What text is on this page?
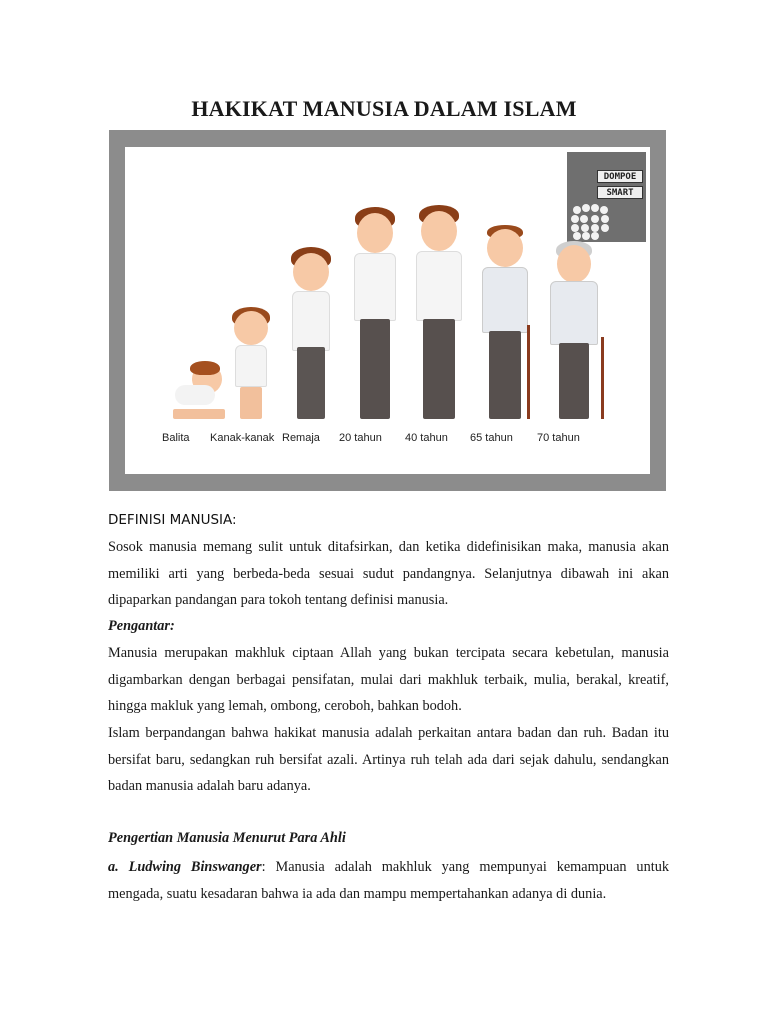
HAKIKAT MANUSIA DALAM ISLAM
DOMPOE
SMART
Balita Kanak-kanak Remaja 20 tahun 40 tahun 65 tahun 70 tahun
DEFINISI MANUSIA:

Sosok manusia memang sulit untuk ditafsirkan, dan ketika didefinisikan maka, manusia akan memiliki arti yang berbeda-beda sesuai sudut pandangnya. Selanjutnya dibawah ini akan dipaparkan pandangan para tokoh tentang definisi manusia.

Pengantar:

Manusia merupakan makhluk ciptaan Allah yang bukan tercipata secara kebetulan, manusia digambarkan dengan berbagai pensifatan, mulai dari makhluk terbaik, mulia, berakal, kreatif, hingga makluk yang lemah, ombong, ceroboh, bahkan bodoh.

Islam berpandangan bahwa hakikat manusia adalah perkaitan antara badan dan ruh. Badan itu bersifat baru, sedangkan ruh bersifat azali. Artinya ruh telah ada dari sejak dahulu, sendangkan badan manusia adalah baru adanya.

Pengertian Manusia Menurut Para Ahli

a. Ludwing Binswanger: Manusia adalah makhluk yang mempunyai kemampuan untuk mengada, suatu kesadaran bahwa ia ada dan mampu mempertahankan adanya di dunia.
